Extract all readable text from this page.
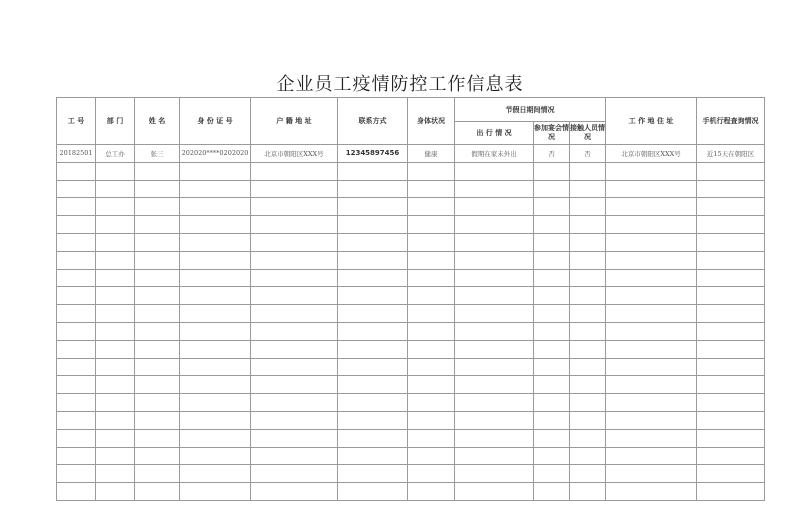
企业员工疫情防控工作信息表
工 号	部 门	姓 名	身 份 证 号	户 籍 地 址	联系方式	身体状况	节假日期间情况			工 作 地 住 址	手机行程查询情况
							出 行 情 况	参加宴会情况	接触人员情况		
20182501	总工办	张三	202020****0202020	北京市朝阳区XXX号	12345897456	健康	假期在家未外出	否	否	北京市朝阳区XXX号	近15天在朝阳区
